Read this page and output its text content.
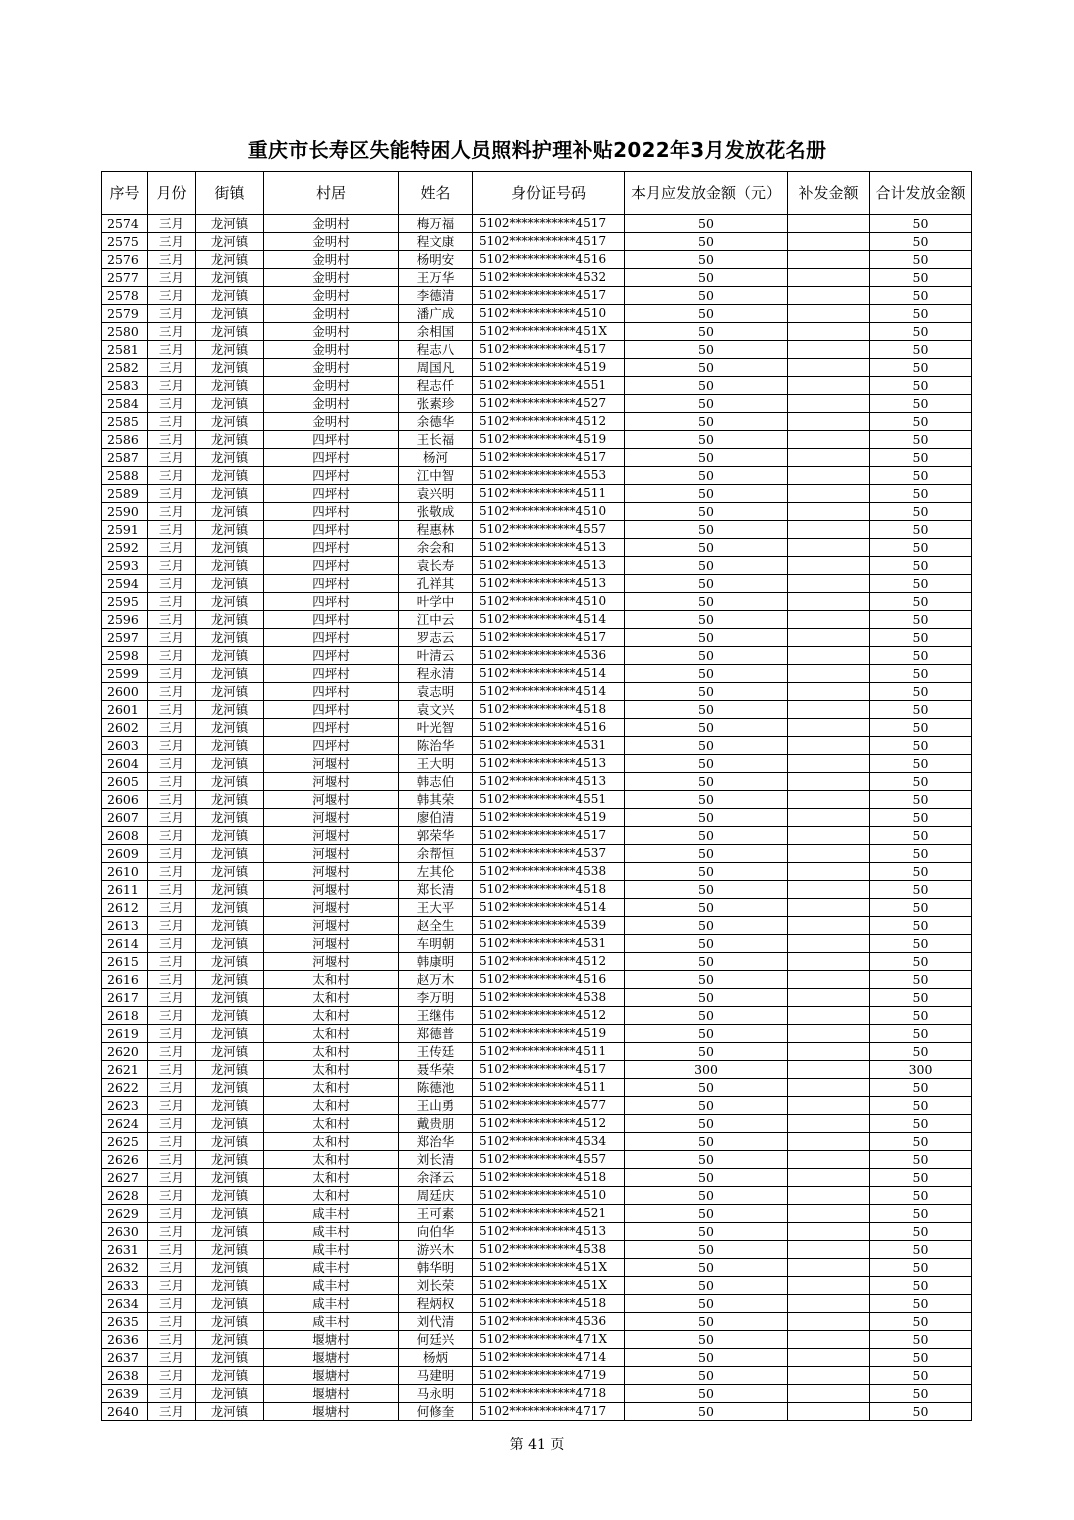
重庆市长寿区失能特困人员照料护理补贴2022年3月发放花名册
序号	月份	街镇	村居	姓名	身份证号码	本月应发放金额（元）	补发金额	合计发放金额
2574	三月	龙河镇	金明村	梅万福	5102***********4517	50		50
2575	三月	龙河镇	金明村	程文康	5102***********4517	50		50
2576	三月	龙河镇	金明村	杨明安	5102***********4516	50		50
2577	三月	龙河镇	金明村	王万华	5102***********4532	50		50
2578	三月	龙河镇	金明村	李德清	5102***********4517	50		50
2579	三月	龙河镇	金明村	潘广成	5102***********4510	50		50
2580	三月	龙河镇	金明村	余相国	5102***********451X	50		50
2581	三月	龙河镇	金明村	程志八	5102***********4517	50		50
2582	三月	龙河镇	金明村	周国凡	5102***********4519	50		50
2583	三月	龙河镇	金明村	程志仟	5102***********4551	50		50
2584	三月	龙河镇	金明村	张素珍	5102***********4527	50		50
2585	三月	龙河镇	金明村	余德华	5102***********4512	50		50
2586	三月	龙河镇	四坪村	王长福	5102***********4519	50		50
2587	三月	龙河镇	四坪村	杨河	5102***********4517	50		50
2588	三月	龙河镇	四坪村	江中智	5102***********4553	50		50
2589	三月	龙河镇	四坪村	袁兴明	5102***********4511	50		50
2590	三月	龙河镇	四坪村	张敬成	5102***********4510	50		50
2591	三月	龙河镇	四坪村	程惠林	5102***********4557	50		50
2592	三月	龙河镇	四坪村	余会和	5102***********4513	50		50
2593	三月	龙河镇	四坪村	袁长寿	5102***********4513	50		50
2594	三月	龙河镇	四坪村	孔祥其	5102***********4513	50		50
2595	三月	龙河镇	四坪村	叶学中	5102***********4510	50		50
2596	三月	龙河镇	四坪村	江中云	5102***********4514	50		50
2597	三月	龙河镇	四坪村	罗志云	5102***********4517	50		50
2598	三月	龙河镇	四坪村	叶清云	5102***********4536	50		50
2599	三月	龙河镇	四坪村	程永清	5102***********4514	50		50
2600	三月	龙河镇	四坪村	袁志明	5102***********4514	50		50
2601	三月	龙河镇	四坪村	袁文兴	5102***********4518	50		50
2602	三月	龙河镇	四坪村	叶光智	5102***********4516	50		50
2603	三月	龙河镇	四坪村	陈治华	5102***********4531	50		50
2604	三月	龙河镇	河堰村	王大明	5102***********4513	50		50
2605	三月	龙河镇	河堰村	韩志伯	5102***********4513	50		50
2606	三月	龙河镇	河堰村	韩其荣	5102***********4551	50		50
2607	三月	龙河镇	河堰村	廖伯清	5102***********4519	50		50
2608	三月	龙河镇	河堰村	郭荣华	5102***********4517	50		50
2609	三月	龙河镇	河堰村	余帮恒	5102***********4537	50		50
2610	三月	龙河镇	河堰村	左其伦	5102***********4538	50		50
2611	三月	龙河镇	河堰村	郑长清	5102***********4518	50		50
2612	三月	龙河镇	河堰村	王大平	5102***********4514	50		50
2613	三月	龙河镇	河堰村	赵全生	5102***********4539	50		50
2614	三月	龙河镇	河堰村	车明朝	5102***********4531	50		50
2615	三月	龙河镇	河堰村	韩康明	5102***********4512	50		50
2616	三月	龙河镇	太和村	赵万木	5102***********4516	50		50
2617	三月	龙河镇	太和村	李万明	5102***********4538	50		50
2618	三月	龙河镇	太和村	王继伟	5102***********4512	50		50
2619	三月	龙河镇	太和村	郑德普	5102***********4519	50		50
2620	三月	龙河镇	太和村	王传廷	5102***********4511	50		50
2621	三月	龙河镇	太和村	聂华荣	5102***********4517	300		300
2622	三月	龙河镇	太和村	陈德池	5102***********4511	50		50
2623	三月	龙河镇	太和村	王山勇	5102***********4577	50		50
2624	三月	龙河镇	太和村	戴贵朋	5102***********4512	50		50
2625	三月	龙河镇	太和村	郑治华	5102***********4534	50		50
2626	三月	龙河镇	太和村	刘长清	5102***********4557	50		50
2627	三月	龙河镇	太和村	余泽云	5102***********4518	50		50
2628	三月	龙河镇	太和村	周廷庆	5102***********4510	50		50
2629	三月	龙河镇	咸丰村	王可素	5102***********4521	50		50
2630	三月	龙河镇	咸丰村	向伯华	5102***********4513	50		50
2631	三月	龙河镇	咸丰村	游兴木	5102***********4538	50		50
2632	三月	龙河镇	咸丰村	韩华明	5102***********451X	50		50
2633	三月	龙河镇	咸丰村	刘长荣	5102***********451X	50		50
2634	三月	龙河镇	咸丰村	程炳权	5102***********4518	50		50
2635	三月	龙河镇	咸丰村	刘代清	5102***********4536	50		50
2636	三月	龙河镇	堰塘村	何廷兴	5102***********471X	50		50
2637	三月	龙河镇	堰塘村	杨炳	5102***********4714	50		50
2638	三月	龙河镇	堰塘村	马建明	5102***********4719	50		50
2639	三月	龙河镇	堰塘村	马永明	5102***********4718	50		50
2640	三月	龙河镇	堰塘村	何修奎	5102***********4717	50		50
第 41 页
